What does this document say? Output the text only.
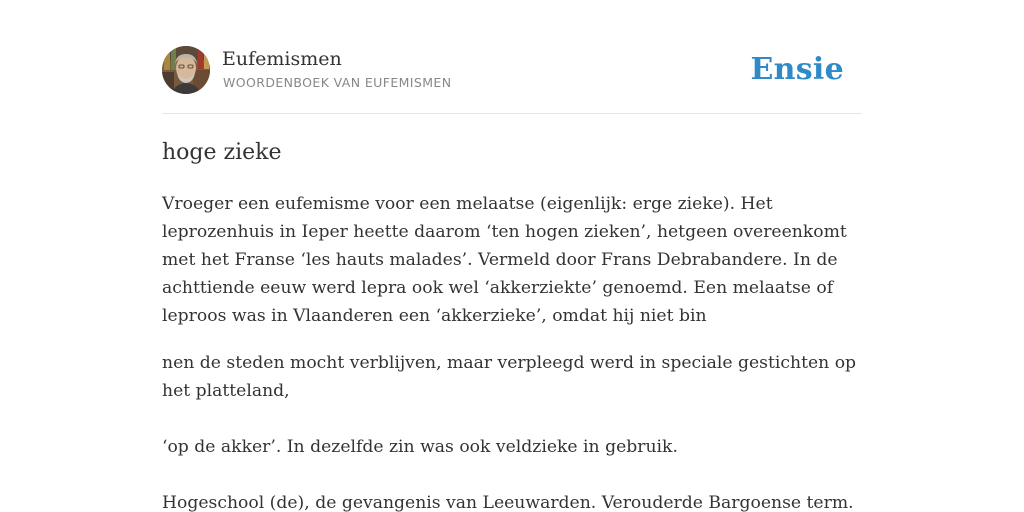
Eufemismen
WOORDENBOEK VAN EUFEMISMEN	Ensie
hoge zieke
Vroeger een eufemisme voor een melaatse (eigenlijk: erge zieke). Het
leprozenhuis in Ieper heette daarom ‘ten hogen zieken’, hetgeen overeenkomt
met het Franse ‘les hauts malades’. Vermeld door Frans Debrabandere. In de
achttiende eeuw werd lepra ook wel ‘akkerziekte’ genoemd. Een melaatse of
leproos was in Vlaanderen een ‘akkerzieke’, omdat hij niet bin
nen de steden mocht verblijven, maar verpleegd werd in speciale gestichten op
het platteland,
‘op de akker’. In dezelfde zin was ook veldzieke in gebruik.
Hogeschool (de), de gevangenis van Leeuwarden. Verouderde Bargoense term.
